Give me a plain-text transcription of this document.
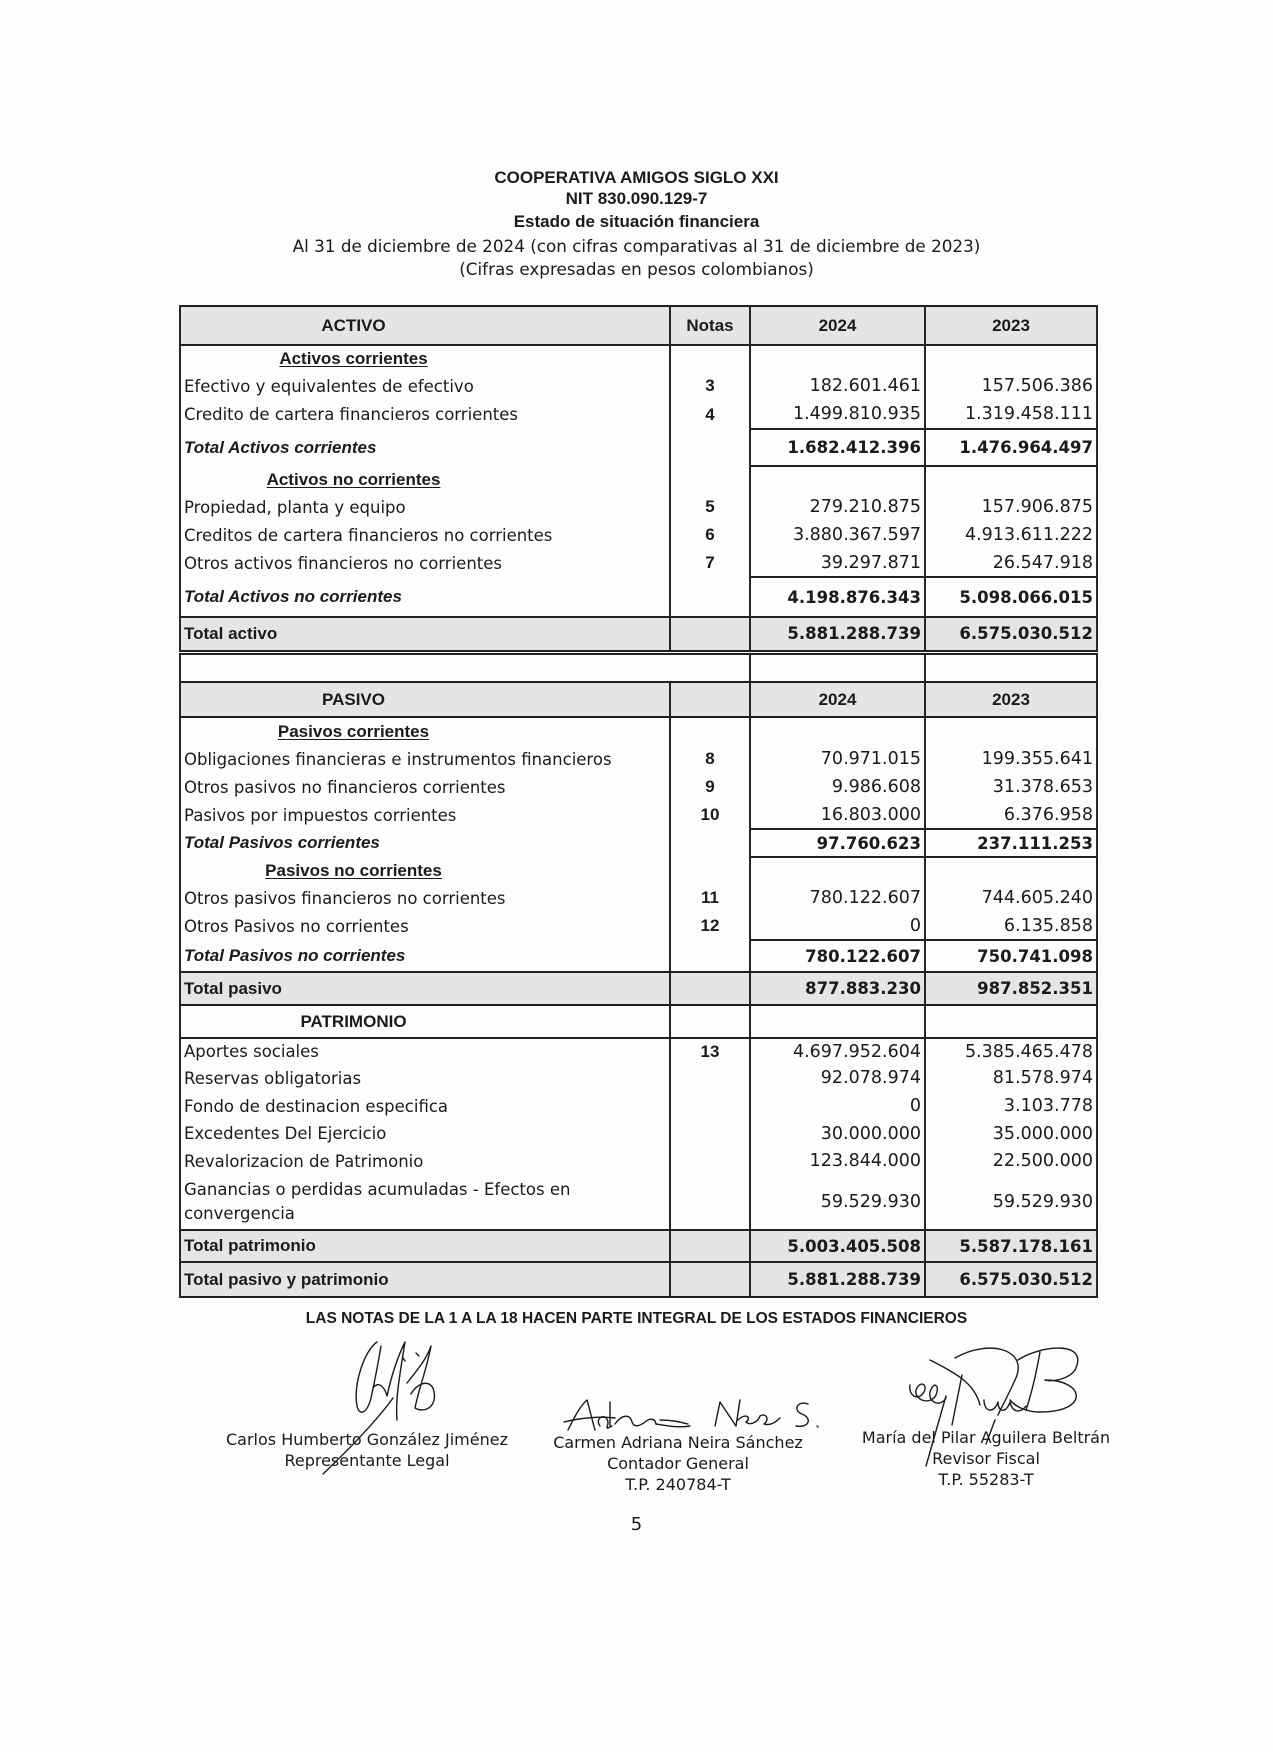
COOPERATIVA AMIGOS SIGLO XXI
NIT 830.090.129-7
Estado de situación financiera
Al 31 de diciembre de 2024 (con cifras comparativas al 31 de diciembre de 2023)
(Cifras expresadas en pesos colombianos)
ACTIVO	Notas	2024	2023
Activos corrientes			
Efectivo y equivalentes de efectivo	3	182.601.461	157.506.386
Credito de cartera financieros corrientes	4	1.499.810.935	1.319.458.111
Total Activos corrientes		1.682.412.396	1.476.964.497
Activos no corrientes			
Propiedad, planta y equipo	5	279.210.875	157.906.875
Creditos de cartera financieros no corrientes	6	3.880.367.597	4.913.611.222
Otros activos financieros no corrientes	7	39.297.871	26.547.918
Total Activos no corrientes		4.198.876.343	5.098.066.015
Total activo		5.881.288.739	6.575.030.512

PASIVO		2024	2023
Pasivos corrientes			
Obligaciones financieras e instrumentos financieros	8	70.971.015	199.355.641
Otros pasivos no financieros corrientes	9	9.986.608	31.378.653
Pasivos por impuestos corrientes	10	16.803.000	6.376.958
Total Pasivos corrientes		97.760.623	237.111.253
Pasivos no corrientes			
Otros pasivos financieros no corrientes	11	780.122.607	744.605.240
Otros Pasivos no corrientes	12	0	6.135.858
Total Pasivos no corrientes		780.122.607	750.741.098
Total pasivo		877.883.230	987.852.351
PATRIMONIO			
Aportes sociales	13	4.697.952.604	5.385.465.478
Reservas obligatorias		92.078.974	81.578.974
Fondo de destinacion especifica		0	3.103.778
Excedentes Del Ejercicio		30.000.000	35.000.000
Revalorizacion de Patrimonio		123.844.000	22.500.000
Ganancias o perdidas acumuladas - Efectos en convergencia		59.529.930	59.529.930
Total patrimonio		5.003.405.508	5.587.178.161
Total pasivo y patrimonio		5.881.288.739	6.575.030.512
LAS NOTAS DE LA 1 A LA 18 HACEN PARTE INTEGRAL DE LOS ESTADOS FINANCIEROS
Carlos Humberto González Jiménez
Representante Legal
Carmen Adriana Neira Sánchez
Contador General
T.P. 240784-T
María del Pilar Aguilera Beltrán
Revisor Fiscal
T.P. 55283-T
5
